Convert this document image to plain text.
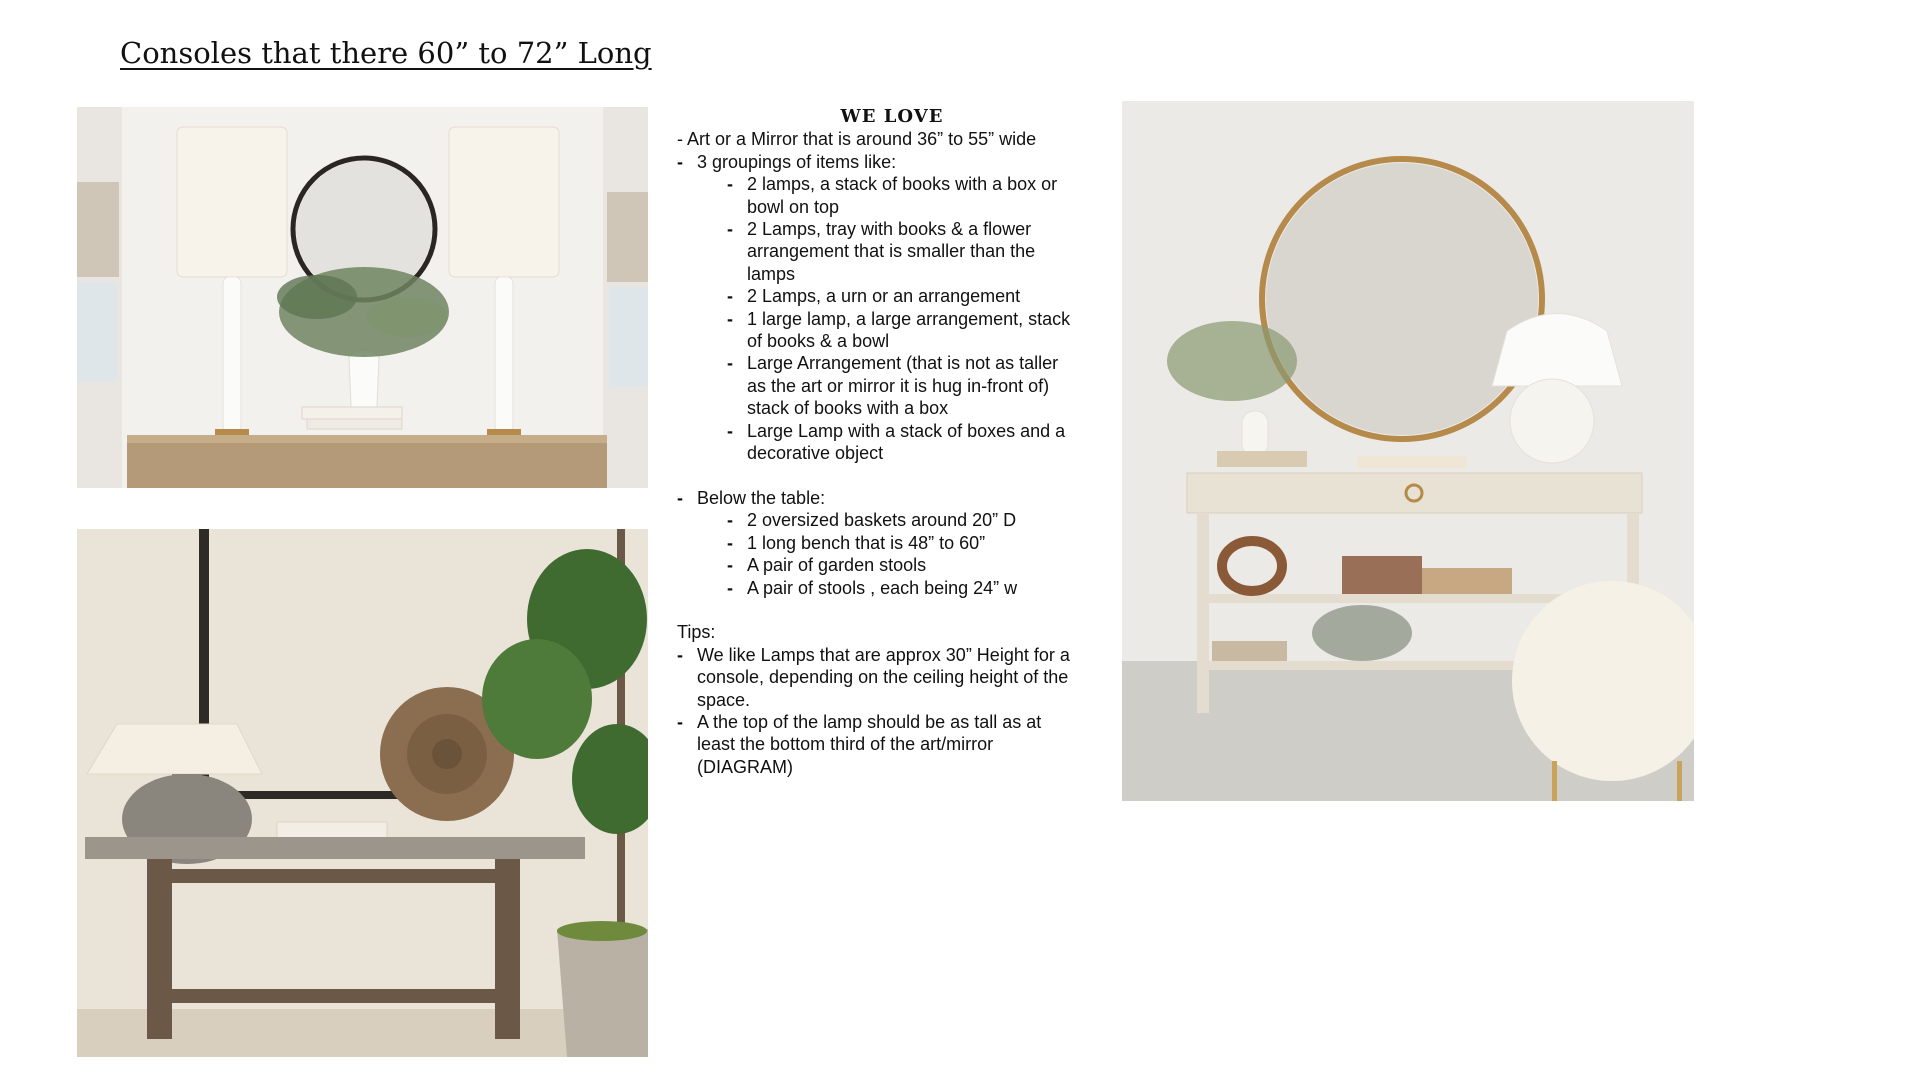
Consoles that there 60” to 72” Long
WE LOVE
- Art or a Mirror that is around 36” to 55” wide
- 3 groupings of items like:
- 2 lamps, a stack of books with a box or bowl on top
- 2 Lamps, tray with books & a flower arrangement that is smaller than the lamps
- 2 Lamps, a urn or an arrangement
- 1 large lamp, a large arrangement, stack of books & a bowl
- Large Arrangement (that is not as taller as the art or mirror it is hug in-front of) stack of books with a box
- Large Lamp with a stack of boxes and a decorative object
- Below the table:
- 2 oversized baskets around 20” D
- 1 long bench that is 48” to 60”
- A pair of garden stools
- A pair of stools , each being 24” w
Tips:
- We like Lamps that are approx 30” Height for a console, depending on the ceiling height of the space.
- A the top of the lamp should be as tall as at least the bottom third of the art/mirror (DIAGRAM)
